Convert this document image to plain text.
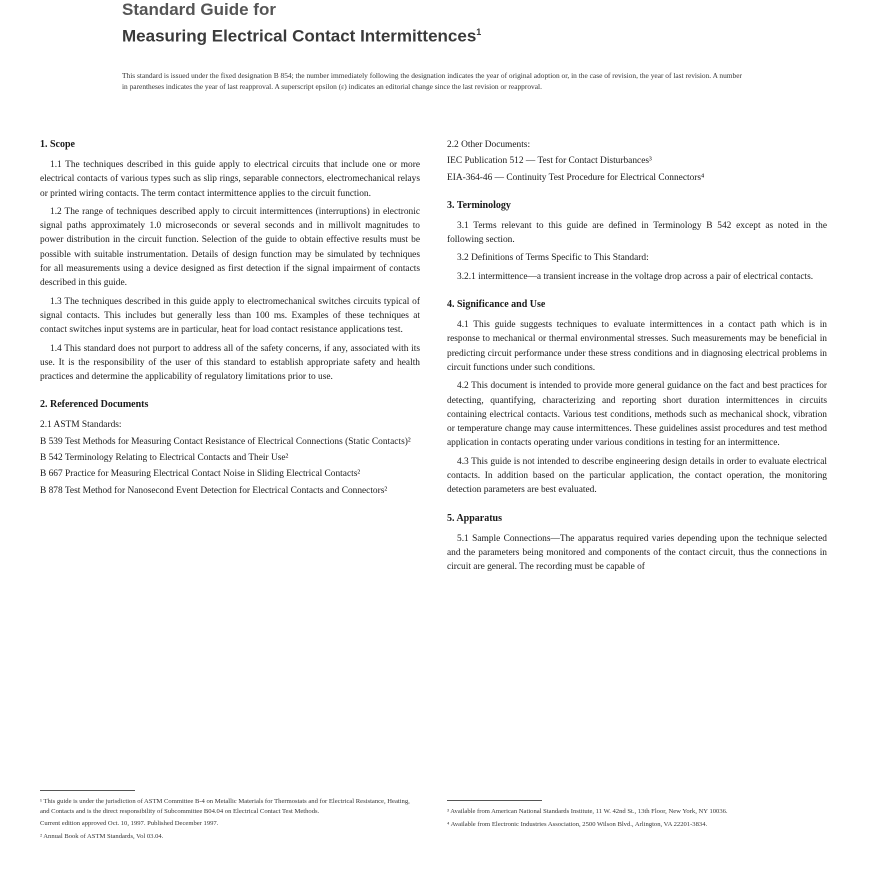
Standard Guide for
Measuring Electrical Contact Intermittences$^1$
This standard is issued under the fixed designation B 854; the number immediately following the designation indicates the year of original adoption or, in the case of revision, the year of last revision. A number in parentheses indicates the year of last reapproval. A superscript epsilon (ε) indicates an editorial change since the last revision or reapproval.
1. Scope

1.1 The techniques described in this guide apply to electrical circuits that include one or more electrical contacts of various types such as slip rings, separable connectors, electromechanical relays or printed wiring contacts. The term contact intermittence applies to the circuit function.

1.2 The range of techniques described apply to circuit intermittences (interruptions) in electronic signal paths approximately 1.0 microseconds or several seconds and in millivolt magnitudes to power distribution in the circuit function. Selection of the guide to obtain effective results must be possible with suitable instrumentation. Details of design function may be simulated by techniques for all measurements using a device designed as first detection if the signal impairment of contacts described in this guide.

1.3 The techniques described in this guide apply to electromechanical switches circuits typical of signal contacts. This includes but generally less than 100 ms. Examples of these techniques at contact switches input systems are in particular, heat for load contact resistance applications test.

1.4 This standard does not purport to address all of the safety concerns, if any, associated with its use. It is the responsibility of the user of this standard to establish appropriate safety and health practices and determine the applicability of regulatory limitations prior to use.

2. Referenced Documents

2.1 ASTM Standards:

B 539 Test Methods for Measuring Contact Resistance of Electrical Connections (Static Contacts)²

B 542 Terminology Relating to Electrical Contacts and Their Use²

B 667 Practice for Measuring Electrical Contact Noise in Sliding Electrical Contacts²

B 878 Test Method for Nanosecond Event Detection for Electrical Contacts and Connectors²

¹ This guide is under the jurisdiction of ASTM Committee B-4 on Metallic Materials for Thermostats and for Electrical Resistance, Heating, and Contacts and is the direct responsibility of Subcommittee B04.04 on Electrical Contact Test Methods.

Current edition approved Oct. 10, 1997. Published December 1997.

² Annual Book of ASTM Standards, Vol 03.04.

2.2 Other Documents:

IEC Publication 512 — Test for Contact Disturbances³

EIA-364-46 — Continuity Test Procedure for Electrical Connectors⁴

3. Terminology

3.1 Terms relevant to this guide are defined in Terminology B 542 except as noted in the following section.

3.2 Definitions of Terms Specific to This Standard:

3.2.1 intermittence—a transient increase in the voltage drop across a pair of electrical contacts.

4. Significance and Use

4.1 This guide suggests techniques to evaluate intermittences in a contact path which is in response to mechanical or thermal environmental stresses. Such measurements may be beneficial in predicting circuit performance under these stress conditions and in diagnosing electrical problems in circuit functions under such conditions.

4.2 This document is intended to provide more general guidance on the fact and best practices for detecting, quantifying, characterizing and reporting short duration intermittences in circuits containing electrical contacts. Various test conditions, methods such as mechanical shock, vibration or temperature change may cause intermittences. These guidelines assist procedures and test method application in contacts operating under various conditions in testing for an intermittence.

4.3 This guide is not intended to describe engineering design details in order to evaluate electrical contacts. In addition based on the particular application, the contact operation, the monitoring detection parameters are best evaluated.

5. Apparatus

5.1 Sample Connections—The apparatus required varies depending upon the technique selected and the parameters being monitored and components of the contact circuit, thus the connections in circuit are general. The recording must be capable of

³ Available from American National Standards Institute, 11 W. 42nd St., 13th Floor, New York, NY 10036.

⁴ Available from Electronic Industries Association, 2500 Wilson Blvd., Arlington, VA 22201-3834.
